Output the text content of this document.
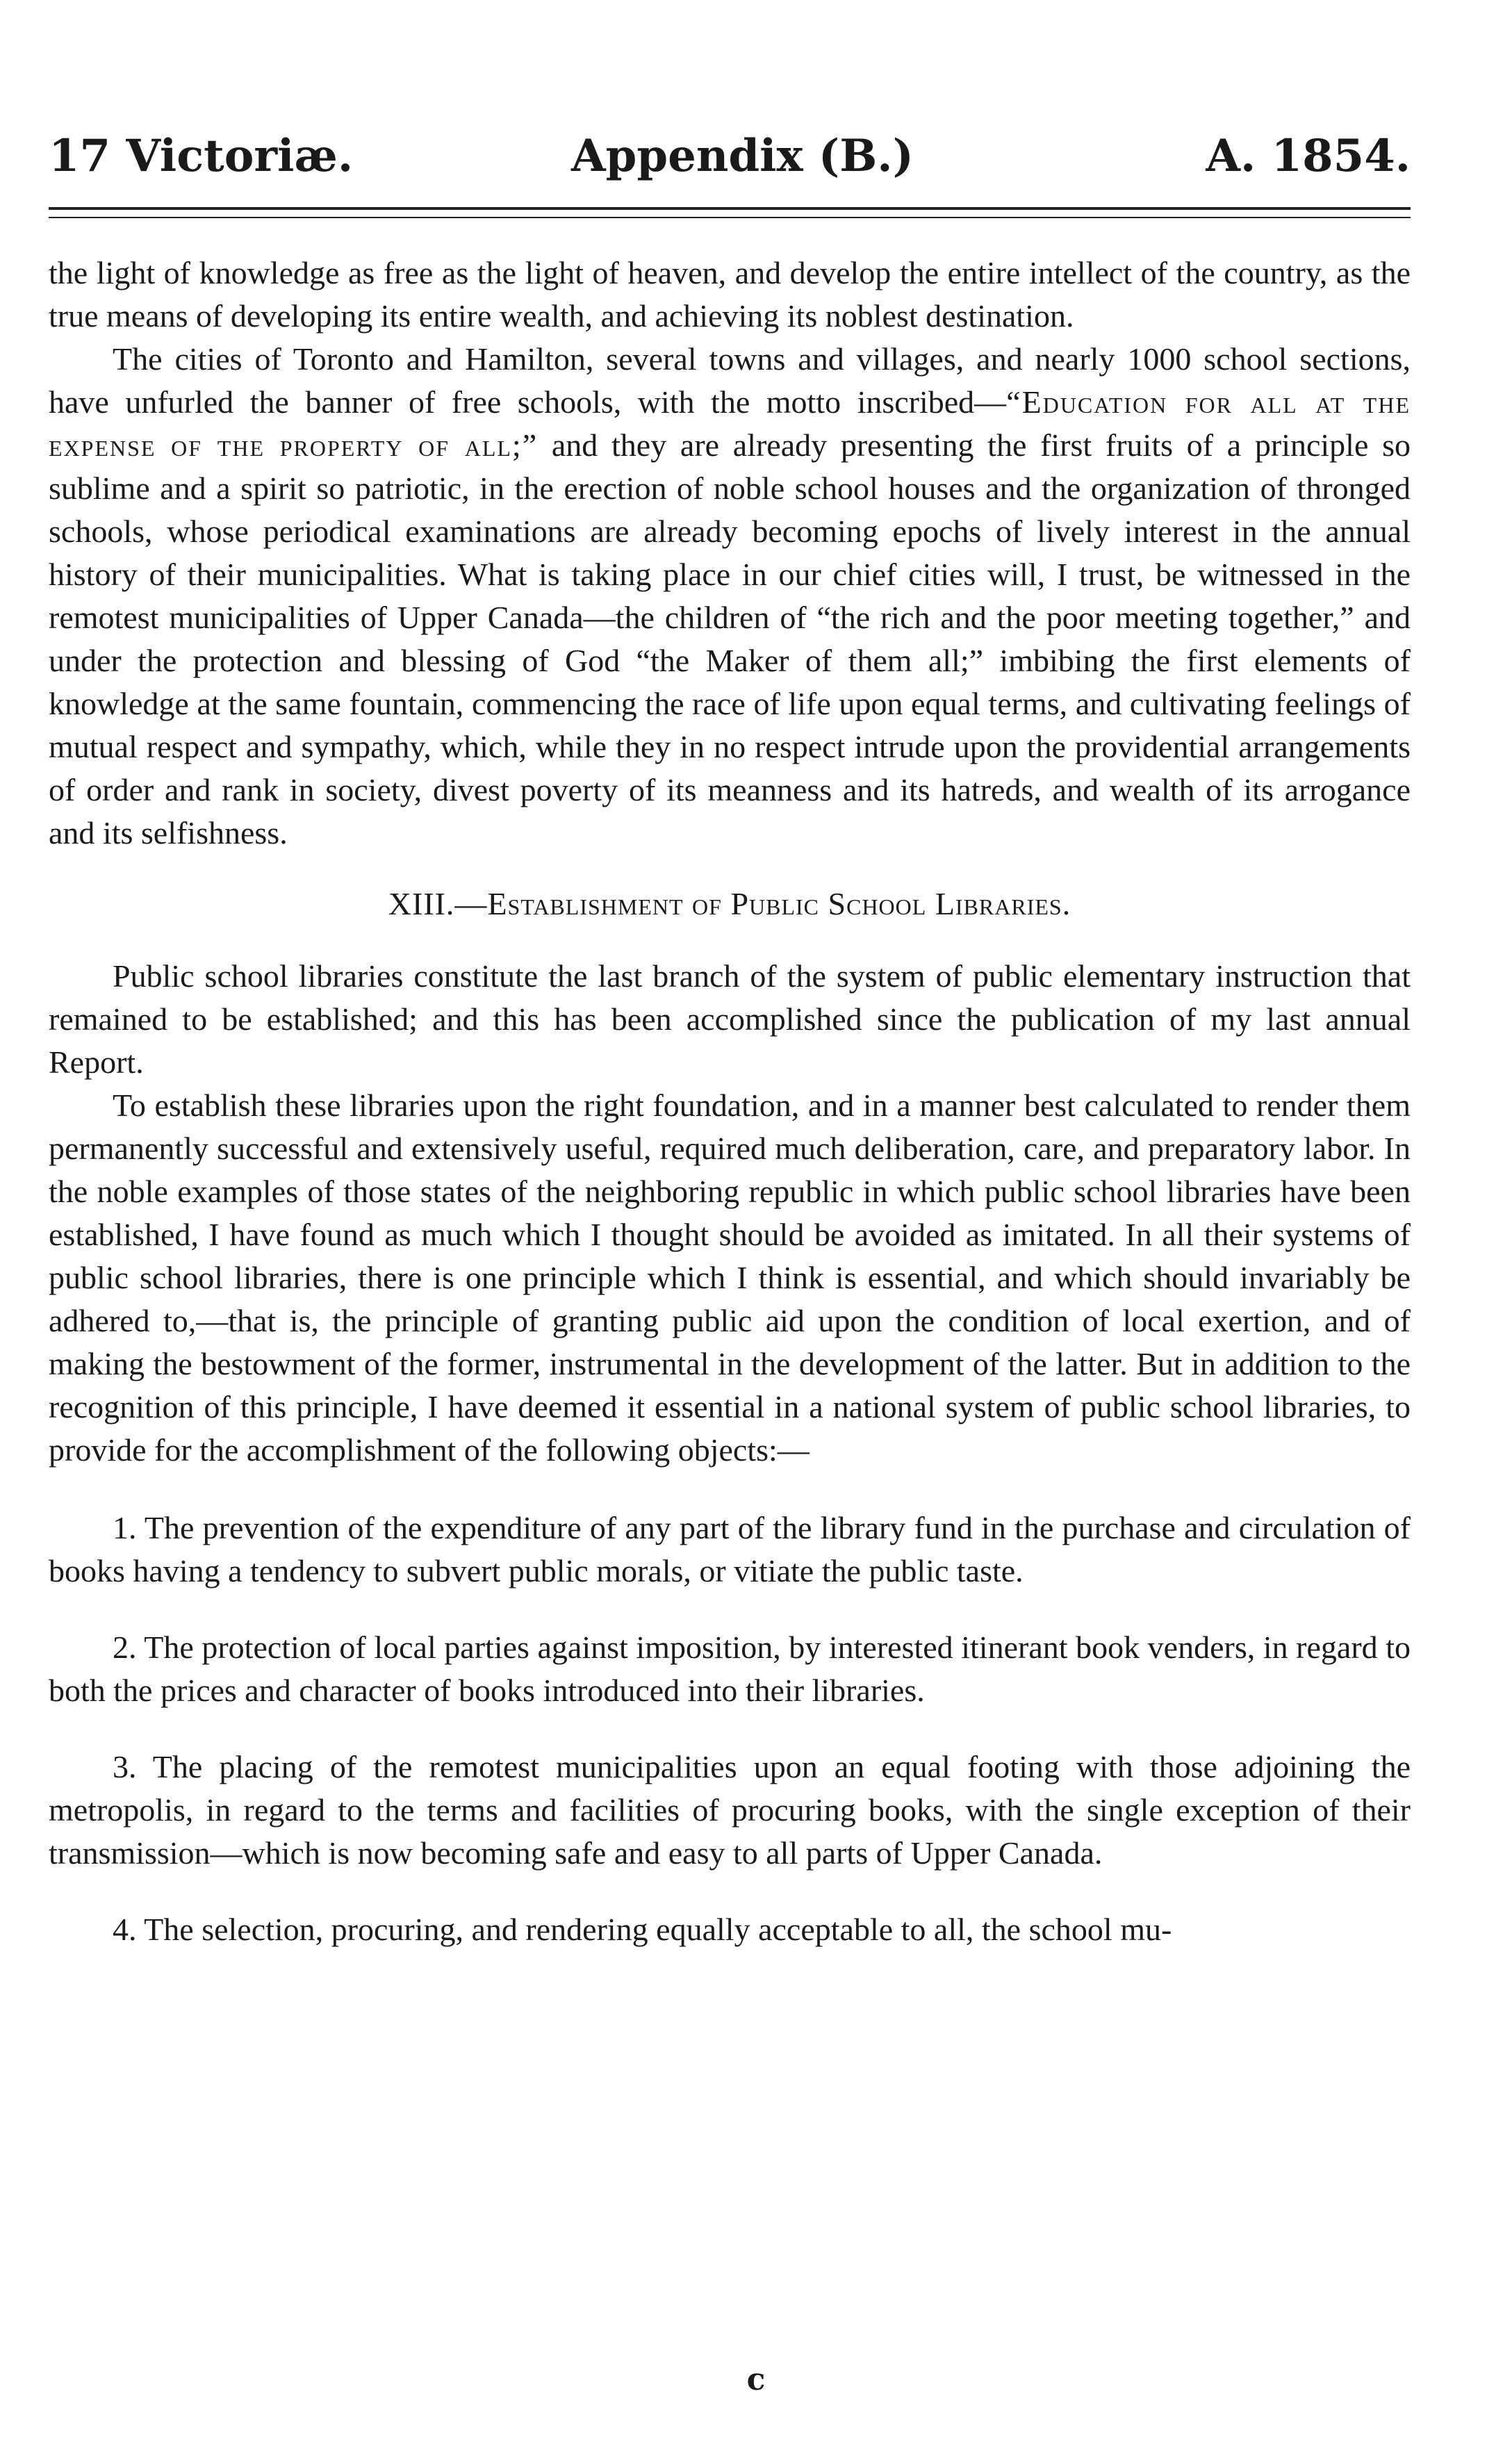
17 Victoriæ.	Appendix (B.)	A. 1854.

the light of knowledge as free as the light of heaven, and develop the entire intellect of the country, as the true means of developing its entire wealth, and achieving its noblest destination.

The cities of Toronto and Hamilton, several towns and villages, and nearly 1000 school sections, have unfurled the banner of free schools, with the motto inscribed—“Education for all at the expense of the property of all;” and they are already presenting the first fruits of a principle so sublime and a spirit so patriotic, in the erection of noble school houses and the organization of thronged schools, whose periodical examinations are already becoming epochs of lively interest in the annual history of their municipalities. What is taking place in our chief cities will, I trust, be witnessed in the remotest municipalities of Upper Canada—the children of “the rich and the poor meeting together,” and under the protection and blessing of God “the Maker of them all;” imbibing the first elements of knowledge at the same fountain, commencing the race of life upon equal terms, and cultivating feelings of mutual respect and sympathy, which, while they in no respect intrude upon the providential arrangements of order and rank in society, divest poverty of its meanness and its hatreds, and wealth of its arrogance and its selfishness.

XIII.—Establishment of Public School Libraries.

Public school libraries constitute the last branch of the system of public elementary instruction that remained to be established; and this has been accomplished since the publication of my last annual Report.

To establish these libraries upon the right foundation, and in a manner best calculated to render them permanently successful and extensively useful, required much deliberation, care, and preparatory labor. In the noble examples of those states of the neighboring republic in which public school libraries have been established, I have found as much which I thought should be avoided as imitated. In all their systems of public school libraries, there is one principle which I think is essential, and which should invariably be adhered to,—that is, the principle of granting public aid upon the condition of local exertion, and of making the bestowment of the former, instrumental in the development of the latter. But in addition to the recognition of this principle, I have deemed it essential in a national system of public school libraries, to provide for the accomplishment of the following objects:—

1. The prevention of the expenditure of any part of the library fund in the purchase and circulation of books having a tendency to subvert public morals, or vitiate the public taste.

2. The protection of local parties against imposition, by interested itinerant book venders, in regard to both the prices and character of books introduced into their libraries.

3. The placing of the remotest municipalities upon an equal footing with those adjoining the metropolis, in regard to the terms and facilities of procuring books, with the single exception of their transmission—which is now becoming safe and easy to all parts of Upper Canada.

4. The selection, procuring, and rendering equally acceptable to all, the school mu-

c
